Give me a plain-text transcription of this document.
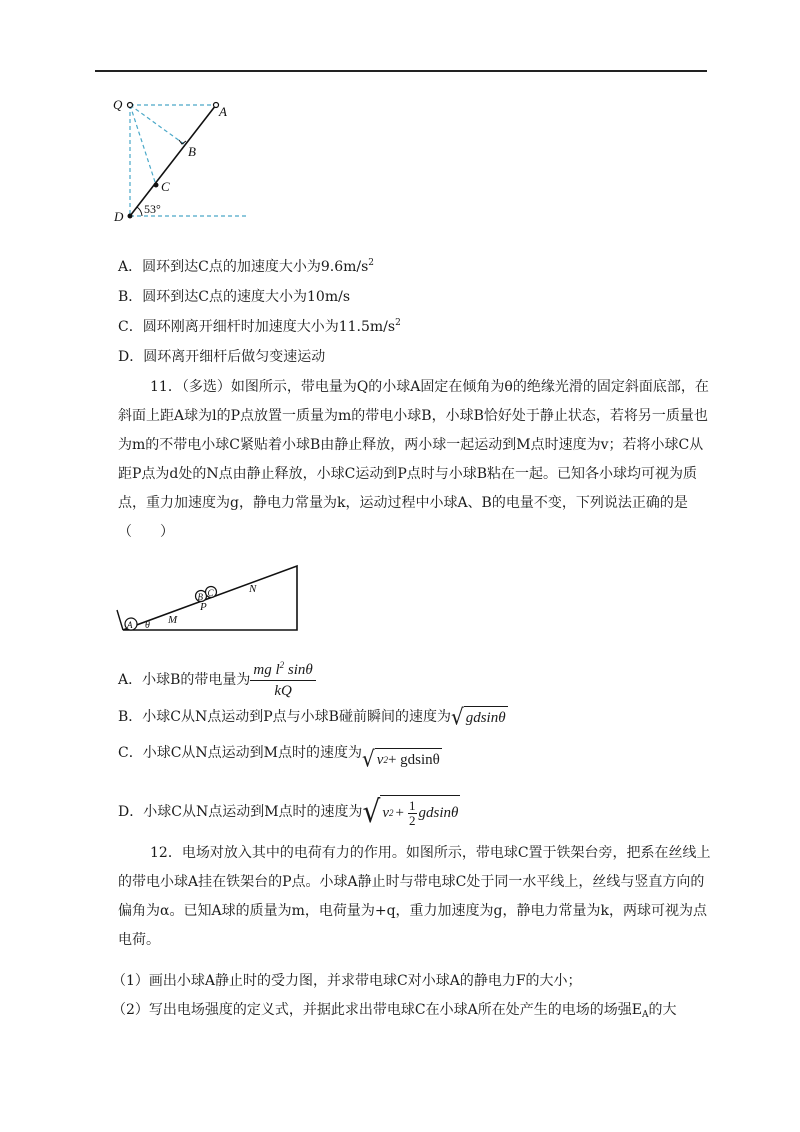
Q	A
B
C
D 53°
A．圆环到达C点的加速度大小为$9.6m/s^2$
B．圆环到达C点的速度大小为10m/s
C．圆环刚离开细杆时加速度大小为$11.5m/s^2$
D．圆环离开细杆后做匀变速运动
11．（多选）如图所示，带电量为Q的小球A固定在倾角为θ的绝缘光滑的固定斜面底部，在斜面上距A球为l的P点放置一质量为m的带电小球B，小球B恰好处于静止状态，若将另一质量也为m的不带电小球C紧贴着小球B由静止释放，两小球一起运动到M点时速度为v；若将小球C从距P点为d处的N点由静止释放，小球C运动到P点时与小球B粘在一起。已知各小球均可视为质点，重力加速度为g，静电力常量为k，运动过程中小球A、B的电量不变，下列说法正确的是（　　）
A
B C
P
M
N
θ
A． 小球B的带电量为 $\frac{mg l^2 \sin\theta}{kQ}$
B． 小球C从N点运动到P点与小球B碰前瞬间的速度为 √ gdsinθ
C． 小球C从N点运动到M点时的速度为 √ v 2 + gdsinθ
D． 小球C从N点运动到M点时的速度为 √ v $2 + \frac{1}{2}$ gdsinθ
12．电场对放入其中的电荷有力的作用。如图所示，带电球C置于铁架台旁，把系在丝线上的带电小球A挂在铁架台的P点。小球A静止时与带电球C处于同一水平线上，丝线与竖直方向的偏角为α。已知A球的质量为m，电荷量为+q，重力加速度为g，静电力常量为k，两球可视为点电荷。
（1）画出小球A静止时的受力图，并求带电球C对小球A的静电力F的大小；
（2）写出电场强度的定义式，并据此求出带电球C在小球A所在处产生的电场的场强$E_A$的大
